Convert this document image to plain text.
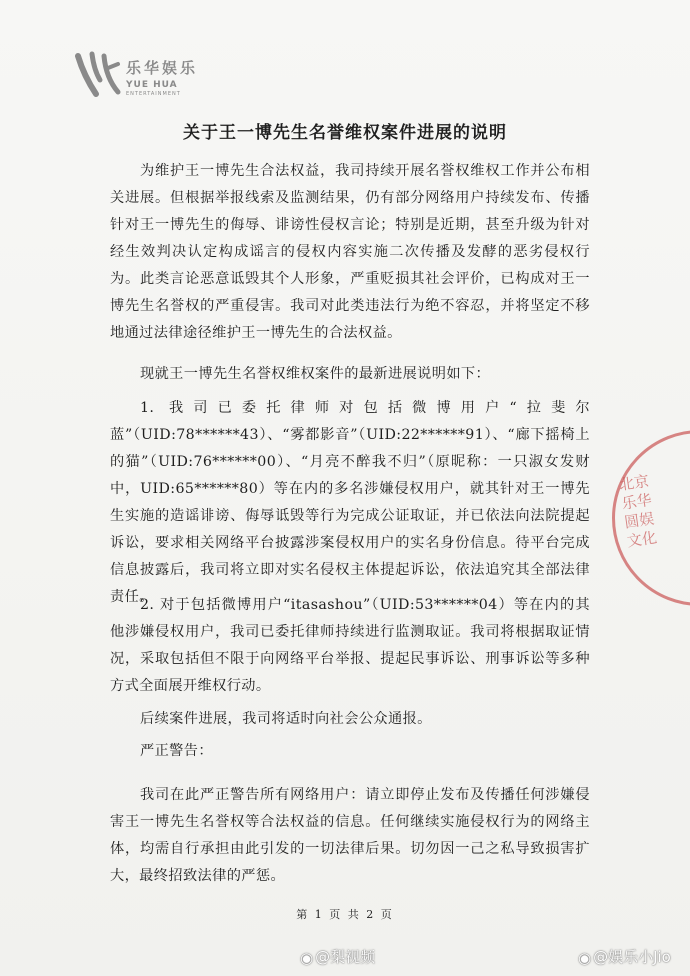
乐华娱乐
YUE HUA
ENTERTAINMENT
关于王一博先生名誉维权案件进展的说明

为维护王一博先生合法权益，我司持续开展名誉权维权工作并公布相关进展。但根据举报线索及监测结果，仍有部分网络用户持续发布、传播针对王一博先生的侮辱、诽谤性侵权言论；特别是近期，甚至升级为针对经生效判决认定构成谣言的侵权内容实施二次传播及发酵的恶劣侵权行为。此类言论恶意诋毁其个人形象，严重贬损其社会评价，已构成对王一博先生名誉权的严重侵害。我司对此类违法行为绝不容忍，并将坚定不移地通过法律途径维护王一博先生的合法权益。

现就王一博先生名誉权维权案件的最新进展说明如下：

1. 我司已委托律师对包括微博用户“拉斐尔蓝”（UID:78******43）、“雾都影音”（UID:22******91）、“廊下摇椅上的猫”（UID:76******00）、“月亮不醉我不归”（原昵称：一只淑女发财中，UID:65******80）等在内的多名涉嫌侵权用户，就其针对王一博先生实施的造谣诽谤、侮辱诋毁等行为完成公证取证，并已依法向法院提起诉讼，要求相关网络平台披露涉案侵权用户的实名身份信息。待平台完成信息披露后，我司将立即对实名侵权主体提起诉讼，依法追究其全部法律责任。

2. 对于包括微博用户“itasashou”（UID:53******04）等在内的其他涉嫌侵权用户，我司已委托律师持续进行监测取证。我司将根据取证情况，采取包括但不限于向网络平台举报、提起民事诉讼、刑事诉讼等多种方式全面展开维权行动。

后续案件进展，我司将适时向社会公众通报。

严正警告：

我司在此严正警告所有网络用户：请立即停止发布及传播任何涉嫌侵害王一博先生名誉权等合法权益的信息。任何继续实施侵权行为的网络主体，均需自行承担由此引发的一切法律后果。切勿因一己之私导致损害扩大，最终招致法律的严惩。

第 1 页 共 2 页
北京乐华圆娱文化
◉ @梨视频	◉ @娱乐小Jio
